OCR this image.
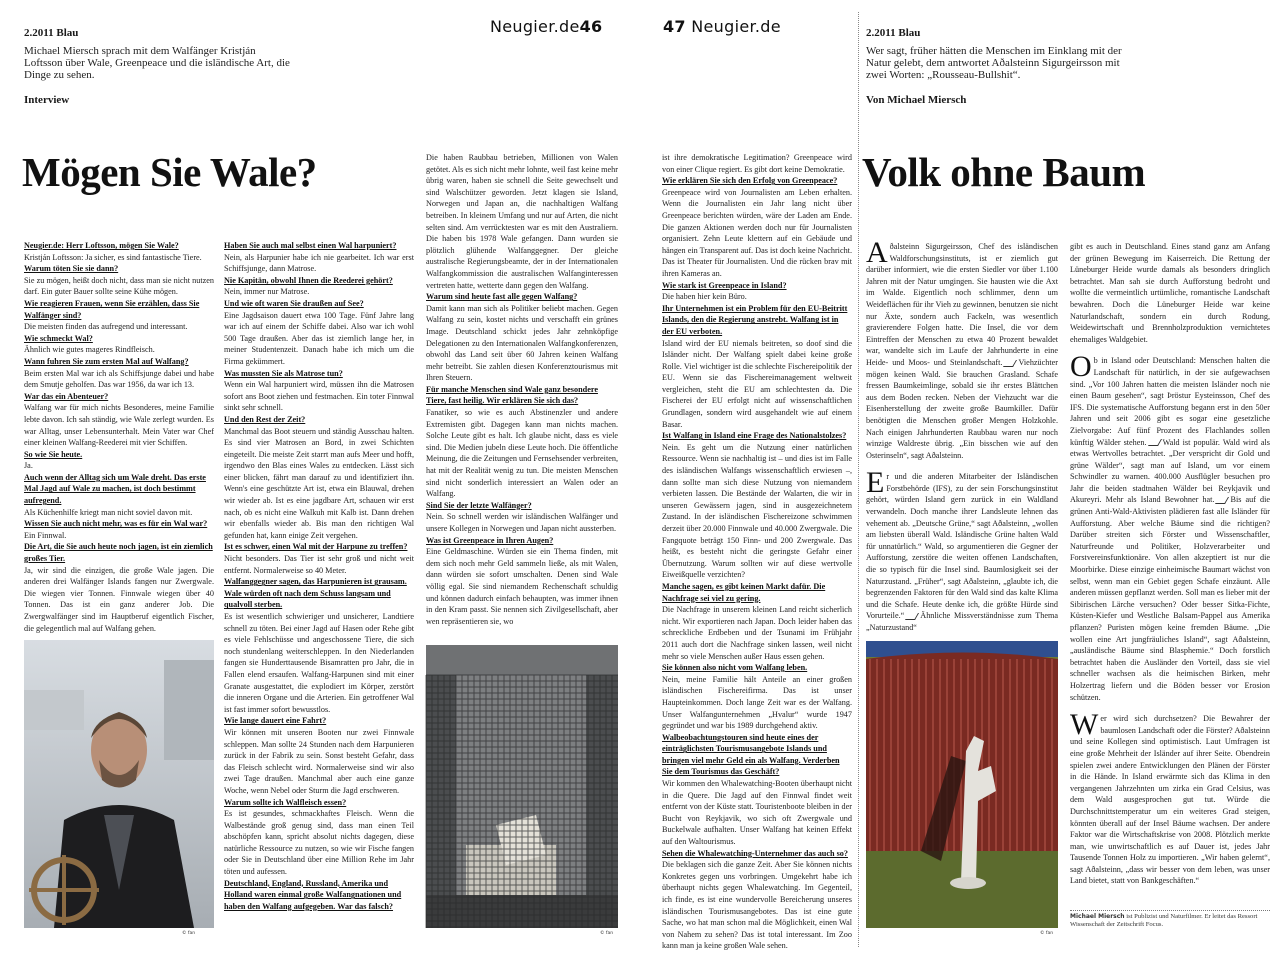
2.2011 Blau
Michael Miersch sprach mit dem Walfänger Kristján Loftsson über Wale, Greenpeace und die isländische Art, die Dinge zu sehen.
Interview
Neugier.de46
Mögen Sie Wale?

Neugier.de: Herr Loftsson, mögen Sie Wale?

Kristján Loftsson: Ja sicher, es sind fantastische Tiere.

Warum töten Sie sie dann?

Sie zu mögen, heißt doch nicht, dass man sie nicht nutzen darf. Ein guter Bauer sollte seine Kühe mögen.

Wie reagieren Frauen, wenn Sie erzählen, dass Sie Walfänger sind?

Die meisten finden das aufregend und interessant.

Wie schmeckt Wal?

Ähnlich wie gutes mageres Rindfleisch.

Wann fuhren Sie zum ersten Mal auf Walfang?

Beim ersten Mal war ich als Schiffsjunge dabei und habe dem Smutje geholfen. Das war 1956, da war ich 13.

War das ein Abenteuer?

Walfang war für mich nichts Besonderes, meine Familie lebte davon. Ich sah ständig, wie Wale zerlegt wurden. Es war Alltag, unser Lebensunterhalt. Mein Vater war Chef einer kleinen Walfang-Reederei mit vier Schiffen.

So wie Sie heute.

Ja.

Auch wenn der Alltag sich um Wale dreht. Das erste Mal Jagd auf Wale zu machen, ist doch bestimmt aufregend.

Als Küchenhilfe kriegt man nicht soviel davon mit.

Wissen Sie auch nicht mehr, was es für ein Wal war?

Ein Finnwal.

Die Art, die Sie auch heute noch jagen, ist ein ziemlich großes Tier.

Ja, wir sind die einzigen, die große Wale jagen. Die anderen drei Walfänger Islands fangen nur Zwergwale. Die wiegen vier Tonnen. Finnwale wiegen über 40 Tonnen. Das ist ein ganz anderer Job. Die Zwergwalfänger sind im Hauptberuf eigentlich Fischer, die gelegentlich mal auf Walfang gehen.

© fan

Haben Sie auch mal selbst einen Wal harpuniert?

Nein, als Harpunier habe ich nie gearbeitet. Ich war erst Schiffsjunge, dann Matrose.

Nie Kapitän, obwohl Ihnen die Reederei gehört?

Nein, immer nur Matrose.

Und wie oft waren Sie draußen auf See?

Eine Jagdsaison dauert etwa 100 Tage. Fünf Jahre lang war ich auf einem der Schiffe dabei. Also war ich wohl 500 Tage draußen. Aber das ist ziemlich lange her, in meiner Studentenzeit. Danach habe ich mich um die Firma gekümmert.

Was mussten Sie als Matrose tun?

Wenn ein Wal harpuniert wird, müssen ihn die Matrosen sofort ans Boot ziehen und festmachen. Ein toter Finnwal sinkt sehr schnell.

Und den Rest der Zeit?

Manchmal das Boot steuern und ständig Ausschau halten. Es sind vier Matrosen an Bord, in zwei Schichten eingeteilt. Die meiste Zeit starrt man aufs Meer und hofft, irgendwo den Blas eines Wales zu entdecken. Lässt sich einer blicken, fährt man darauf zu und identifiziert ihn. Wenn's eine geschützte Art ist, etwa ein Blauwal, drehen wir wieder ab. Ist es eine jagdbare Art, schauen wir erst nach, ob es nicht eine Walkuh mit Kalb ist. Dann drehen wir ebenfalls wieder ab. Bis man den richtigen Wal gefunden hat, kann einige Zeit vergehen.

Ist es schwer, einen Wal mit der Harpune zu treffen?

Nicht besonders. Das Tier ist sehr groß und nicht weit entfernt. Normalerweise so 40 Meter.

Walfanggegner sagen, das Harpunieren ist grausam. Wale würden oft nach dem Schuss langsam und qualvoll sterben.

Es ist wesentlich schwieriger und unsicherer, Landtiere schnell zu töten. Bei einer Jagd auf Hasen oder Rehe gibt es viele Fehlschüsse und angeschossene Tiere, die sich noch stundenlang weiterschleppen. In den Niederlanden fangen sie Hunderttausende Bisamratten pro Jahr, die in Fallen elend ersaufen. Walfang-Harpunen sind mit einer Granate ausgestattet, die explodiert im Körper, zerstört die inneren Organe und die Arterien. Ein getroffener Wal ist fast immer sofort bewusstlos.

Wie lange dauert eine Fahrt?

Wir können mit unseren Booten nur zwei Finnwale schleppen. Man sollte 24 Stunden nach dem Harpunieren zurück in der Fabrik zu sein. Sonst besteht Gefahr, dass das Fleisch schlecht wird. Normalerweise sind wir also zwei Tage draußen. Manchmal aber auch eine ganze Woche, wenn Nebel oder Sturm die Jagd erschweren.

Warum sollte ich Walfleisch essen?

Es ist gesundes, schmackhaftes Fleisch. Wenn die Walbestände groß genug sind, dass man einen Teil abschöpfen kann, spricht absolut nichts dagegen, diese natürliche Ressource zu nutzen, so wie wir Fische fangen oder Sie in Deutschland über eine Million Rehe im Jahr töten und aufessen.

Deutschland, England, Russland, Amerika und Holland waren einmal große Walfangnationen und haben den Walfang aufgegeben. War das falsch?

Die haben Raubbau betrieben, Millionen von Walen getötet. Als es sich nicht mehr lohnte, weil fast keine mehr übrig waren, haben sie schnell die Seite gewechselt und sind Walschützer geworden. Jetzt klagen sie Island, Norwegen und Japan an, die nachhaltigen Walfang betreiben. In kleinem Umfang und nur auf Arten, die nicht selten sind. Am verrücktesten war es mit den Australiern. Die haben bis 1978 Wale gefangen. Dann wurden sie plötzlich glühende Walfanggegner. Der gleiche australische Regierungsbeamte, der in der Internationalen Walfangkommission die australischen Walfanginteressen vertreten hatte, wetterte dann gegen den Walfang.

Warum sind heute fast alle gegen Walfang?

Damit kann man sich als Politiker beliebt machen. Gegen Walfang zu sein, kostet nichts und verschafft ein grünes Image. Deutschland schickt jedes Jahr zehnköpfige Delegationen zu den Internationalen Walfangkonferenzen, obwohl das Land seit über 60 Jahren keinen Walfang mehr betreibt. Sie zahlen diesen Konferenztourismus mit Ihren Steuern.

Für manche Menschen sind Wale ganz besondere Tiere, fast heilig. Wir erklären Sie sich das?

Fanatiker, so wie es auch Abstinenzler und andere Extremisten gibt. Dagegen kann man nichts machen. Solche Leute gibt es halt. Ich glaube nicht, dass es viele sind. Die Medien jubeln diese Leute hoch. Die öffentliche Meinung, die die Zeitungen und Fernsehsender verbreiten, hat mit der Realität wenig zu tun. Die meisten Menschen sind nicht sonderlich interessiert an Walen oder an Walfang.

Sind Sie der letzte Walfänger?

Nein. So schnell werden wir isländischen Walfänger und unsere Kollegen in Norwegen und Japan nicht aussterben.

Was ist Greenpeace in Ihren Augen?

Eine Geldmaschine. Würden sie ein Thema finden, mit dem sich noch mehr Geld sammeln ließe, als mit Walen, dann würden sie sofort umschalten. Denen sind Wale völlig egal. Sie sind niemandem Rechenschaft schuldig und können dadurch einfach behaupten, was immer ihnen in den Kram passt. Sie nennen sich Zivilgesellschaft, aber wen repräsentieren sie, wo

© fan
47 Neugier.de

ist ihre demokratische Legitimation? Greenpeace wird von einer Clique regiert. Es gibt dort keine Demokratie.

Wie erklären Sie sich den Erfolg von Greenpeace?

Greenpeace wird von Journalisten am Leben erhalten. Wenn die Journalisten ein Jahr lang nicht über Greenpeace berichten würden, wäre der Laden am Ende. Die ganzen Aktionen werden doch nur für Journalisten organisiert. Zehn Leute klettern auf ein Gebäude und hängen ein Transparent auf. Das ist doch keine Nachricht. Das ist Theater für Journalisten. Und die rücken brav mit ihren Kameras an.

Wie stark ist Greenpeace in Island?

Die haben hier kein Büro.

Ihr Unternehmen ist ein Problem für den EU-Beitritt Islands, den die Regierung anstrebt. Walfang ist in der EU verboten.

Island wird der EU niemals beitreten, so doof sind die Isländer nicht. Der Walfang spielt dabei keine große Rolle. Viel wichtiger ist die schlechte Fischereipolitik der EU. Wenn sie das Fischereimanagement weltweit vergleichen, steht die EU am schlechtesten da. Die Fischerei der EU erfolgt nicht auf wissenschaftlichen Grundlagen, sondern wird ausgehandelt wie auf einem Basar.

Ist Walfang in Island eine Frage des Nationalstolzes?

Nein. Es geht um die Nutzung einer natürlichen Ressource. Wenn sie nachhaltig ist – und dies ist im Falle des isländischen Walfangs wissenschaftlich erwiesen –, dann sollte man sich diese Nutzung von niemandem verbieten lassen. Die Bestände der Walarten, die wir in unseren Gewässern jagen, sind in ausgezeichnetem Zustand. In der isländischen Fischereizone schwimmen derzeit über 20.000 Finnwale und 40.000 Zwergwale. Die Fangquote beträgt 150 Finn- und 200 Zwergwale. Das heißt, es besteht nicht die geringste Gefahr einer Übernutzung. Warum sollten wir auf diese wertvolle Eiweißquelle verzichten?

Manche sagen, es gibt keinen Markt dafür. Die Nachfrage sei viel zu gering.

Die Nachfrage in unserem kleinen Land reicht sicherlich nicht. Wir exportieren nach Japan. Doch leider haben das schreckliche Erdbeben und der Tsunami im Frühjahr 2011 auch dort die Nachfrage sinken lassen, weil nicht mehr so viele Menschen außer Haus essen gehen.

Sie können also nicht vom Walfang leben.

Nein, meine Familie hält Anteile an einer großen isländischen Fischereifirma. Das ist unser Haupteinkommen. Doch lange Zeit war es der Walfang. Unser Walfangunternehmen „Hvalur“ wurde 1947 gegründet und war bis 1989 durchgehend aktiv.

Walbeobachtungstouren sind heute eines der einträglichsten Tourismusangebote Islands und bringen viel mehr Geld ein als Walfang. Verderben Sie dem Tourismus das Geschäft?

Wir kommen den Whalewatching-Booten überhaupt nicht in die Quere. Die Jagd auf den Finnwal findet weit entfernt von der Küste statt. Touristenboote bleiben in der Bucht von Reykjavik, wo sich oft Zwergwale und Buckelwale aufhalten. Unser Walfang hat keinen Effekt auf den Waltourismus.

Sehen die Whalewatching-Unternehmer das auch so?

Die beklagen sich die ganze Zeit. Aber Sie können nichts Konkretes gegen uns vorbringen. Umgekehrt habe ich überhaupt nichts gegen Whalewatching. Im Gegenteil, ich finde, es ist eine wundervolle Bereicherung unseres isländischen Tourismusangebotes. Das ist eine gute Sache, wo hat man schon mal die Möglichkeit, einen Wal von Nahem zu sehen? Das ist total interessant. Im Zoo kann man ja keine großen Wale sehen.

2.2011 Blau
Wer sagt, früher hätten die Menschen im Einklang mit der Natur gelebt, dem antwortet Aðalsteinn Sigurgeirsson mit zwei Worten: „Rousseau-Bullshit“.
Von Michael Miersch
Volk ohne Baum

Aðalsteinn Sigurgeirsson, Chef des isländischen Waldforschungsinstituts, ist er ziemlich gut darüber informiert, wie die ersten Siedler vor über 1.100 Jahren mit der Natur umgingen. Sie hausten wie die Axt im Walde. Eigentlich noch schlimmer, denn um Weideflächen für ihr Vieh zu gewinnen, benutzen sie nicht nur Äxte, sondern auch Fackeln, was wesentlich gravierendere Folgen hatte. Die Insel, die vor dem Eintreffen der Menschen zu etwa 40 Prozent bewaldet war, wandelte sich im Laufe der Jahrhunderte in eine Heide- und Moos- und Steinlandschaft. Viehzüchter mögen keinen Wald. Sie brauchen Grasland. Schafe fressen Baumkeimlinge, sobald sie ihr erstes Blättchen aus dem Boden recken. Neben der Viehzucht war die Eisenherstellung der zweite große Baumkiller. Dafür benötigten die Menschen großer Mengen Holzkohle. Nach einigen Jahrhunderten Raubbau waren nur noch winzige Waldreste übrig. „Ein bisschen wie auf den Osterinseln“, sagt Aðalsteinn.

Er und die anderen Mitarbeiter der Isländischen Forstbehörde (IFS), zu der sein Forschungsinstitut gehört, würden Island gern zurück in ein Waldland verwandeln. Doch manche ihrer Landsleute lehnen das vehement ab. „Deutsche Grüne,“ sagt Aðalsteinn, „wollen am liebsten überall Wald. Isländische Grüne halten Wald für unnatürlich.“ Wald, so argumentieren die Gegner der Aufforstung, zerstöre die weiten offenen Landschaften, die so typisch für die Insel sind. Baumlosigkeit sei der Naturzustand. „Früher“, sagt Aðalsteinn, „glaubte ich, die begrenzenden Faktoren für den Wald sind das kalte Klima und die Schafe. Heute denke ich, die größte Hürde sind Vorurteile.“ Ähnliche Missverständnisse zum Thema „Naturzustand“

© fan

gibt es auch in Deutschland. Eines stand ganz am Anfang der grünen Bewegung im Kaiserreich. Die Rettung der Lüneburger Heide wurde damals als besonders dringlich betrachtet. Man sah sie durch Aufforstung bedroht und wollte die vermeintlich urtümliche, romantische Landschaft bewahren. Doch die Lüneburger Heide war keine Naturlandschaft, sondern ein durch Rodung, Weidewirtschaft und Brennholzproduktion vernichtetes ehemaliges Waldgebiet.

Ob in Island oder Deutschland: Menschen halten die Landschaft für natürlich, in der sie aufgewachsen sind. „Vor 100 Jahren hatten die meisten Isländer noch nie einen Baum gesehen“, sagt Þröstur Eysteinsson, Chef des IFS. Die systematische Aufforstung begann erst in den 50er Jahren und seit 2006 gibt es sogar eine gesetzliche Zielvorgabe: Auf fünf Prozent des Flachlandes sollen künftig Wälder stehen. Wald ist populär. Wald wird als etwas Wertvolles betrachtet. „Der verspricht dir Gold und grüne Wälder“, sagt man auf Island, um vor einem Schwindler zu warnen. 400.000 Ausflügler besuchen pro Jahr die beiden stadtnahen Wälder bei Reykjavik und Akureyri. Mehr als Island Bewohner hat. Bis auf die grünen Anti-Wald-Aktivisten plädieren fast alle Isländer für Aufforstung. Aber welche Bäume sind die richtigen? Darüber streiten sich Förster und Wissenschaftler, Naturfreunde und Politiker, Holzverarbeiter und Forstvereinsfunktionäre. Von allen akzeptiert ist nur die Moorbirke. Diese einzige einheimische Baumart wächst von selbst, wenn man ein Gebiet gegen Schafe einzäunt. Alle anderen müssen gepflanzt werden. Soll man es lieber mit der Sibirischen Lärche versuchen? Oder besser Sitka-Fichte, Küsten-Kiefer und Westliche Balsam-Pappel aus Amerika pflanzen? Puristen mögen keine fremden Bäume. „Die wollen eine Art jungfräuliches Island“, sagt Aðalsteinn, „ausländische Bäume sind Blasphemie.“ Doch forstlich betrachtet haben die Ausländer den Vorteil, dass sie viel schneller wachsen als die heimischen Birken, mehr Holzertrag liefern und die Böden besser vor Erosion schützen.

Wer wird sich durchsetzen? Die Bewahrer der baumlosen Landschaft oder die Förster? Aðalsteinn und seine Kollegen sind optimistisch. Laut Umfragen ist eine große Mehrheit der Isländer auf ihrer Seite. Obendrein spielen zwei andere Entwicklungen den Plänen der Förster in die Hände. In Island erwärmte sich das Klima in den vergangenen Jahrzehnten um zirka ein Grad Celsius, was dem Wald ausgesprochen gut tut. Würde die Durchschnittstemperatur um ein weiteres Grad steigen, könnten überall auf der Insel Bäume wachsen. Der andere Faktor war die Wirtschaftskrise von 2008. Plötzlich merkte man, wie unwirtschaftlich es auf Dauer ist, jedes Jahr Tausende Tonnen Holz zu importieren. „Wir haben gelernt“, sagt Aðalsteinn, „dass wir besser von dem leben, was unser Land bietet, statt von Bankgeschäften.“

Michael Miersch ist Publizist und Naturfilmer. Er leitet das Ressort Wissenschaft der Zeitschrift Focus.
